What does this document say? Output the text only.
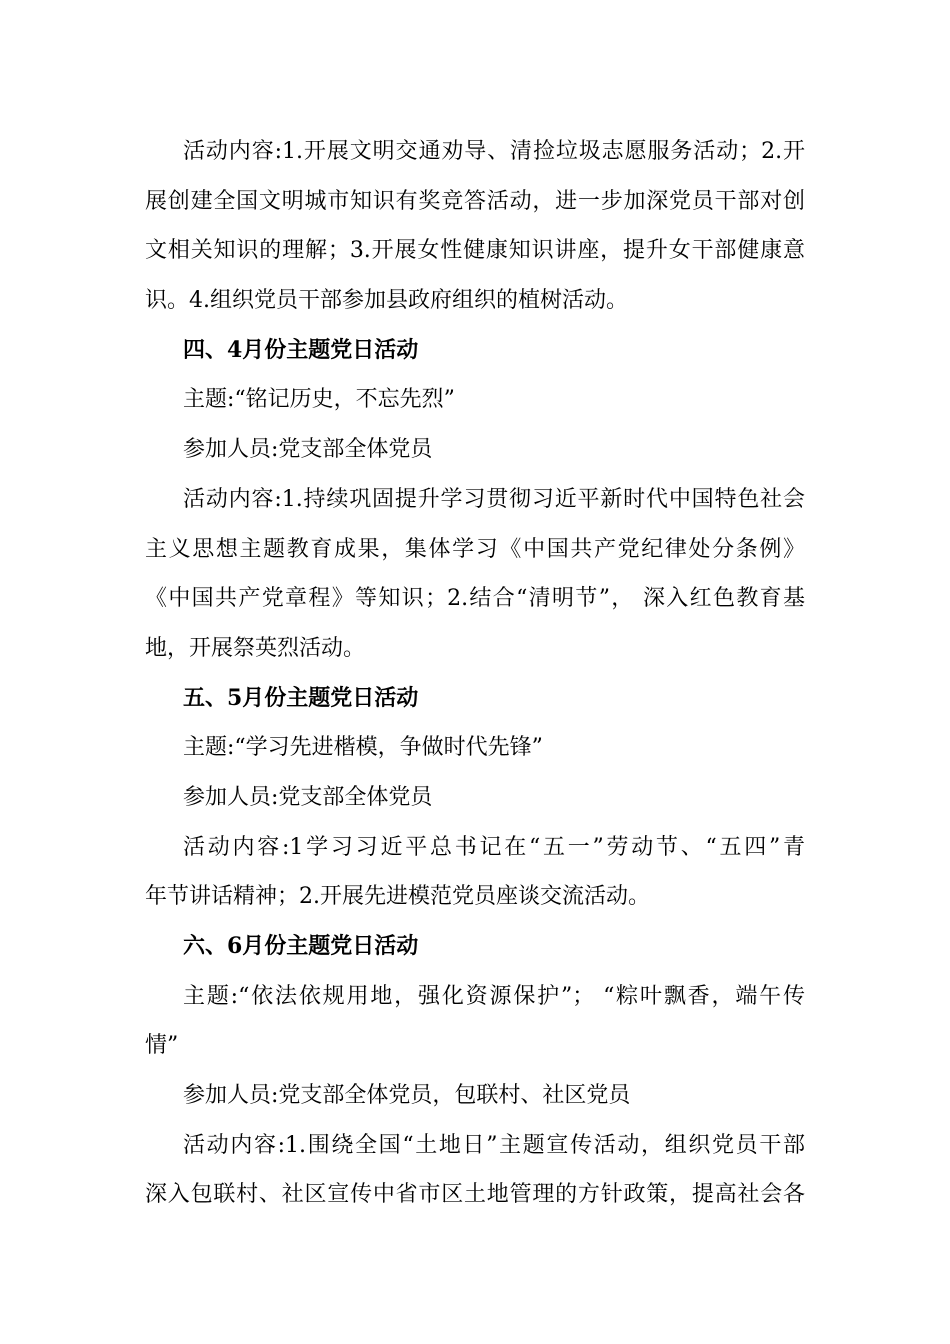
活动内容:1.开展文明交通劝导、清捡垃圾志愿服务活动；2.开
展创建全国文明城市知识有奖竞答活动，进一步加深党员干部对创
文相关知识的理解；3.开展女性健康知识讲座，提升女干部健康意
识。4.组织党员干部参加县政府组织的植树活动。
四、4月份主题党日活动
主题:“铭记历史，不忘先烈”
参加人员:党支部全体党员
活动内容:1.持续巩固提升学习贯彻习近平新时代中国特色社会
主义思想主题教育成果，集体学习《中国共产党纪律处分条例》
《中国共产党章程》等知识；2.结合“清明节”， 深入红色教育基
地，开展祭英烈活动。
五、5月份主题党日活动
主题:“学习先进楷模，争做时代先锋”
参加人员:党支部全体党员
活动内容:1学习习近平总书记在“五一”劳动节、“五四”青
年节讲话精神；2.开展先进模范党员座谈交流活动。
六、6月份主题党日活动
主题:“依法依规用地，强化资源保护”； “粽叶飘香，端午传
情”
参加人员:党支部全体党员，包联村、社区党员
活动内容:1.围绕全国“土地日”主题宣传活动，组织党员干部
深入包联村、社区宣传中省市区土地管理的方针政策，提高社会各
